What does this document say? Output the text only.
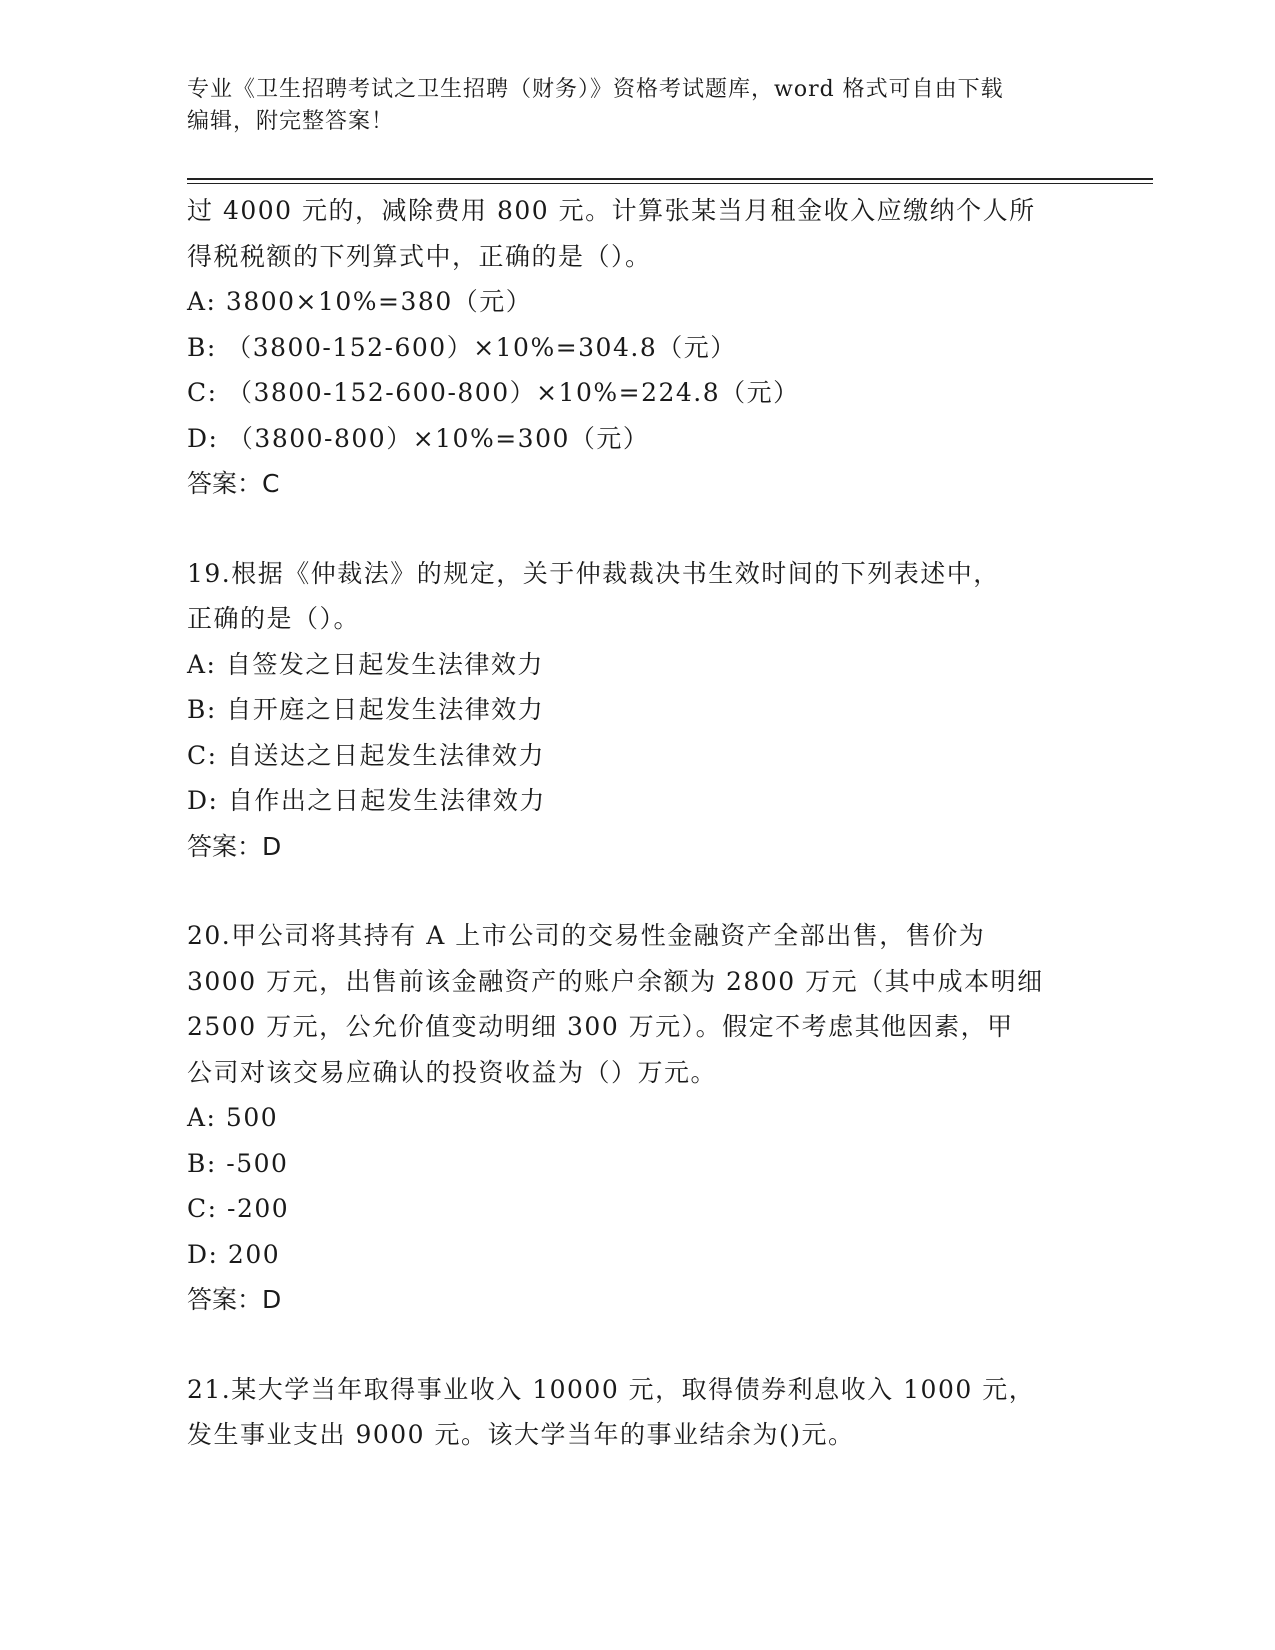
专业《卫生招聘考试之卫生招聘（财务）》资格考试题库，word 格式可自由下载
编辑，附完整答案！
过 4000 元的，减除费用 800 元。计算张某当月租金收入应缴纳个人所
得税税额的下列算式中，正确的是（）。
A: 3800×10%=380（元）
B: （3800-152-600）×10%=304.8（元）
C: （3800-152-600-800）×10%=224.8（元）
D: （3800-800）×10%=300（元）
答案：C
19.根据《仲裁法》的规定，关于仲裁裁决书生效时间的下列表述中，
正确的是（）。
A: 自签发之日起发生法律效力
B: 自开庭之日起发生法律效力
C: 自送达之日起发生法律效力
D: 自作出之日起发生法律效力
答案：D
20.甲公司将其持有 A 上市公司的交易性金融资产全部出售，售价为
3000 万元，出售前该金融资产的账户余额为 2800 万元（其中成本明细
2500 万元，公允价值变动明细 300 万元）。假定不考虑其他因素，甲
公司对该交易应确认的投资收益为（）万元。
A: 500
B: -500
C: -200
D: 200
答案：D
21.某大学当年取得事业收入 10000 元，取得债券利息收入 1000 元，
发生事业支出 9000 元。该大学当年的事业结余为()元。
